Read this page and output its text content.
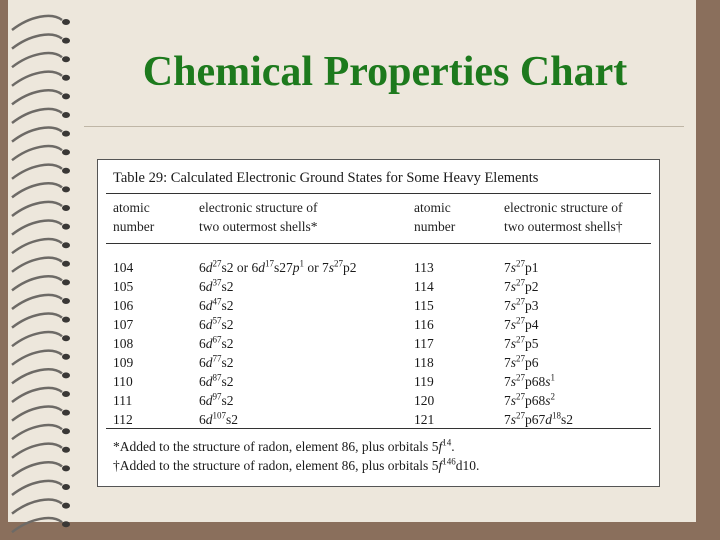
Chemical Properties Chart
Table 29: Calculated Electronic Ground States for Some Heavy Elements
atomic
number
electronic structure of
two outermost shells*
atomic
number
electronic structure of
two outermost shells†
104
105
106
107
108
109
110
111
112
$6d^{27}s2$ or $6d^{17}s27p^1$ or $7s^{27}p2$
$6d^{37}s2$
$6d^{47}s2$
$6d^{57}s2$
$6d^{67}s2$
$6d^{77}s2$
$6d^{87}s2$
$6d^{97}s2$
$6d^{107}s2$
113
114
115
116
117
118
119
120
121
$7s^{27}p1$
$7s^{27}p2$
$7s^{27}p3$
$7s^{27}p4$
$7s^{27}p5$
$7s^{27}p6$
$7s^{27}p68s^1$
$7s^{27}p68s^2$
$7s^{27}p67d^{18}s2$
*Added to the structure of radon, element 86, plus orbitals $5f^{14}$.
†Added to the structure of radon, element 86, plus orbitals $5f^{146}d10$.
